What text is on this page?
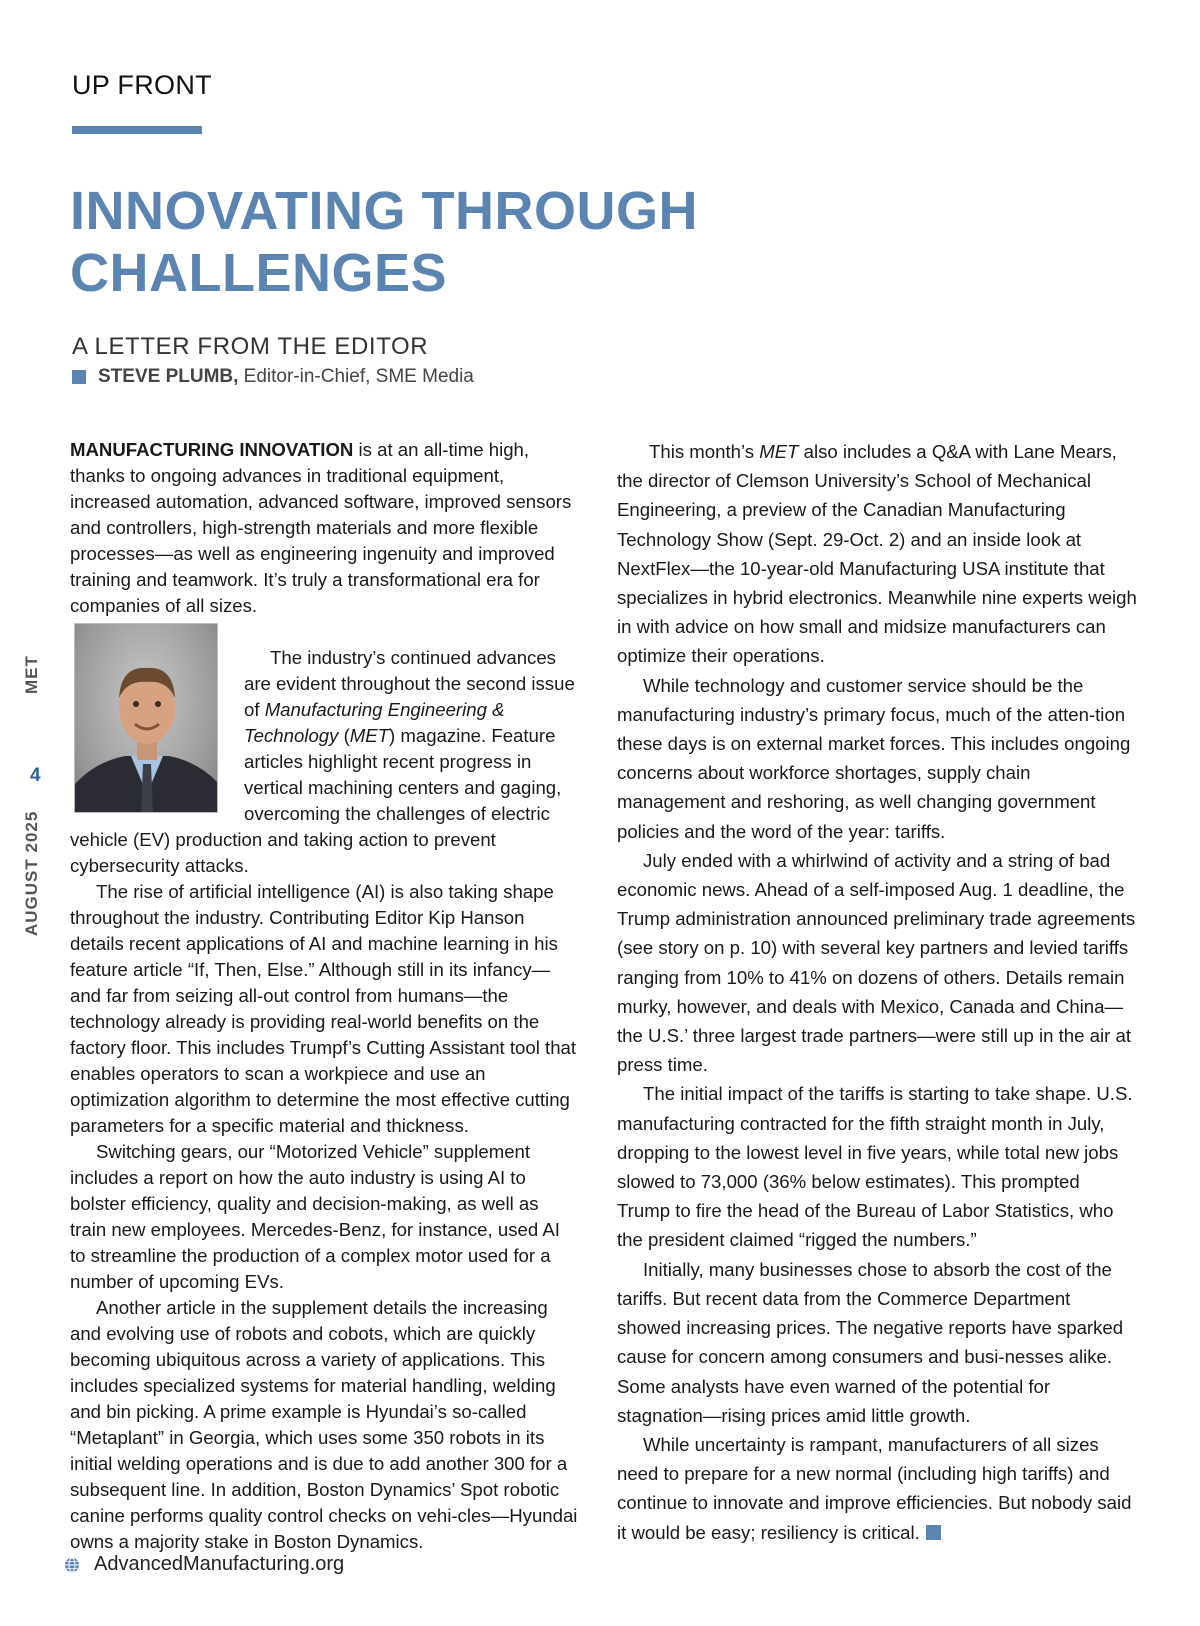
UP FRONT
INNOVATING THROUGH
CHALLENGES
A LETTER FROM THE EDITOR
STEVE PLUMB, Editor-in-Chief, SME Media
MET
4
AUGUST 2025

MANUFACTURING INNOVATION is at an all-time high, thanks to ongoing advances in traditional equipment, increased automation, advanced software, improved sensors and controllers, high-strength materials and more flexible processes—as well as engineering ingenuity and improved training and teamwork. It’s truly a transformational era for companies of all sizes.

The industry’s continued advances are evident throughout the second issue of Manufacturing Engineering & Technology (MET) magazine. Feature articles highlight recent progress in vertical machining centers and gaging, overcoming the challenges of electric vehicle (EV) production and taking action to prevent cybersecurity attacks.

The rise of artificial intelligence (AI) is also taking shape throughout the industry. Contributing Editor Kip Hanson details recent applications of AI and machine learning in his feature article “If, Then, Else.” Although still in its infancy—and far from seizing all-out control from humans—the technology already is providing real-world benefits on the factory floor. This includes Trumpf’s Cutting Assistant tool that enables operators to scan a workpiece and use an optimization algorithm to determine the most effective cutting parameters for a specific material and thickness.

Switching gears, our “Motorized Vehicle” supplement includes a report on how the auto industry is using AI to bolster efficiency, quality and decision-making, as well as train new employees. Mercedes-Benz, for instance, used AI to streamline the production of a complex motor used for a number of upcoming EVs.

Another article in the supplement details the increasing and evolving use of robots and cobots, which are quickly becoming ubiquitous across a variety of applications. This includes specialized systems for material handling, welding and bin picking. A prime example is Hyundai’s so-called “Metaplant” in Georgia, which uses some 350 robots in its initial welding operations and is due to add another 300 for a subsequent line. In addition, Boston Dynamics’ Spot robotic canine performs quality control checks on vehi-cles—Hyundai owns a majority stake in Boston Dynamics.

This month’s MET also includes a Q&A with Lane Mears, the director of Clemson University’s School of Mechanical Engineering, a preview of the Canadian Manufacturing Technology Show (Sept. 29-Oct. 2) and an inside look at NextFlex—the 10-year-old Manufacturing USA institute that specializes in hybrid electronics. Meanwhile nine experts weigh in with advice on how small and midsize manufacturers can optimize their operations.

While technology and customer service should be the manufacturing industry’s primary focus, much of the atten-tion these days is on external market forces. This includes ongoing concerns about workforce shortages, supply chain management and reshoring, as well changing government policies and the word of the year: tariffs.

July ended with a whirlwind of activity and a string of bad economic news. Ahead of a self-imposed Aug. 1 deadline, the Trump administration announced preliminary trade agreements (see story on p. 10) with several key partners and levied tariffs ranging from 10% to 41% on dozens of others. Details remain murky, however, and deals with Mexico, Canada and China—the U.S.’ three largest trade partners—were still up in the air at press time.

The initial impact of the tariffs is starting to take shape. U.S. manufacturing contracted for the fifth straight month in July, dropping to the lowest level in five years, while total new jobs slowed to 73,000 (36% below estimates). This prompted Trump to fire the head of the Bureau of Labor Statistics, who the president claimed “rigged the numbers.”

Initially, many businesses chose to absorb the cost of the tariffs. But recent data from the Commerce Department showed increasing prices. The negative reports have sparked cause for concern among consumers and busi-nesses alike. Some analysts have even warned of the potential for stagnation—rising prices amid little growth.

While uncertainty is rampant, manufacturers of all sizes need to prepare for a new normal (including high tariffs) and continue to innovate and improve efficiencies. But nobody said it would be easy; resiliency is critical.

AdvancedManufacturing.org
